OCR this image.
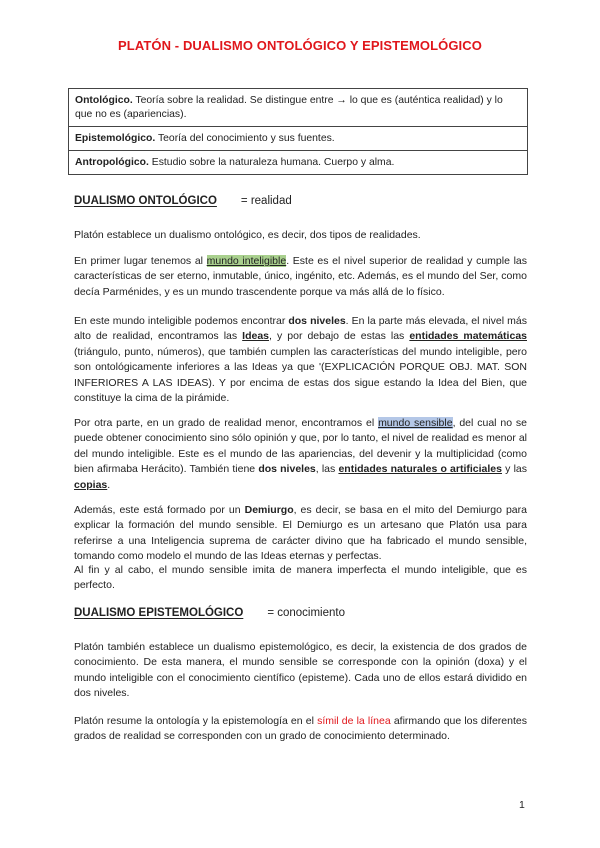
PLATÓN - DUALISMO ONTOLÓGICO Y EPISTEMOLÓGICO
Ontológico. Teoría sobre la realidad. Se distingue entre → lo que es (auténtica realidad) y lo que no es (apariencias).
Epistemológico. Teoría del conocimiento y sus fuentes.
Antropológico. Estudio sobre la naturaleza humana. Cuerpo y alma.
DUALISMO ONTOLÓGICO = realidad
Platón establece un dualismo ontológico, es decir, dos tipos de realidades.
En primer lugar tenemos al mundo inteligible. Este es el nivel superior de realidad y cumple las características de ser eterno, inmutable, único, ingénito, etc. Además, es el mundo del Ser, como decía Parménides, y es un mundo trascendente porque va más allá de lo físico.
En este mundo inteligible podemos encontrar dos niveles. En la parte más elevada, el nivel más alto de realidad, encontramos las Ideas, y por debajo de estas las entidades matemáticas (triángulo, punto, números), que también cumplen las características del mundo inteligible, pero son ontológicamente inferiores a las Ideas ya que '(EXPLICACIÓN PORQUE OBJ. MAT. SON INFERIORES A LAS IDEAS). Y por encima de estas dos sigue estando la Idea del Bien, que constituye la cima de la pirámide.
Por otra parte, en un grado de realidad menor, encontramos el mundo sensible, del cual no se puede obtener conocimiento sino sólo opinión y que, por lo tanto, el nivel de realidad es menor al del mundo inteligible. Este es el mundo de las apariencias, del devenir y la multiplicidad (como bien afirmaba Herácito). También tiene dos niveles, las entidades naturales o artificiales y las copias.
Además, este está formado por un Demiurgo, es decir, se basa en el mito del Demiurgo para explicar la formación del mundo sensible. El Demiurgo es un artesano que Platón usa para referirse a una Inteligencia suprema de carácter divino que ha fabricado el mundo sensible, tomando como modelo el mundo de las Ideas eternas y perfectas.
Al fin y al cabo, el mundo sensible imita de manera imperfecta el mundo inteligible, que es perfecto.
DUALISMO EPISTEMOLÓGICO = conocimiento
Platón también establece un dualismo epistemológico, es decir, la existencia de dos grados de conocimiento. De esta manera, el mundo sensible se corresponde con la opinión (doxa) y el mundo inteligible con el conocimiento científico (episteme). Cada uno de ellos estará dividido en dos niveles.
Platón resume la ontología y la epistemología en el símil de la línea afirmando que los diferentes grados de realidad se corresponden con un grado de conocimiento determinado.
1
